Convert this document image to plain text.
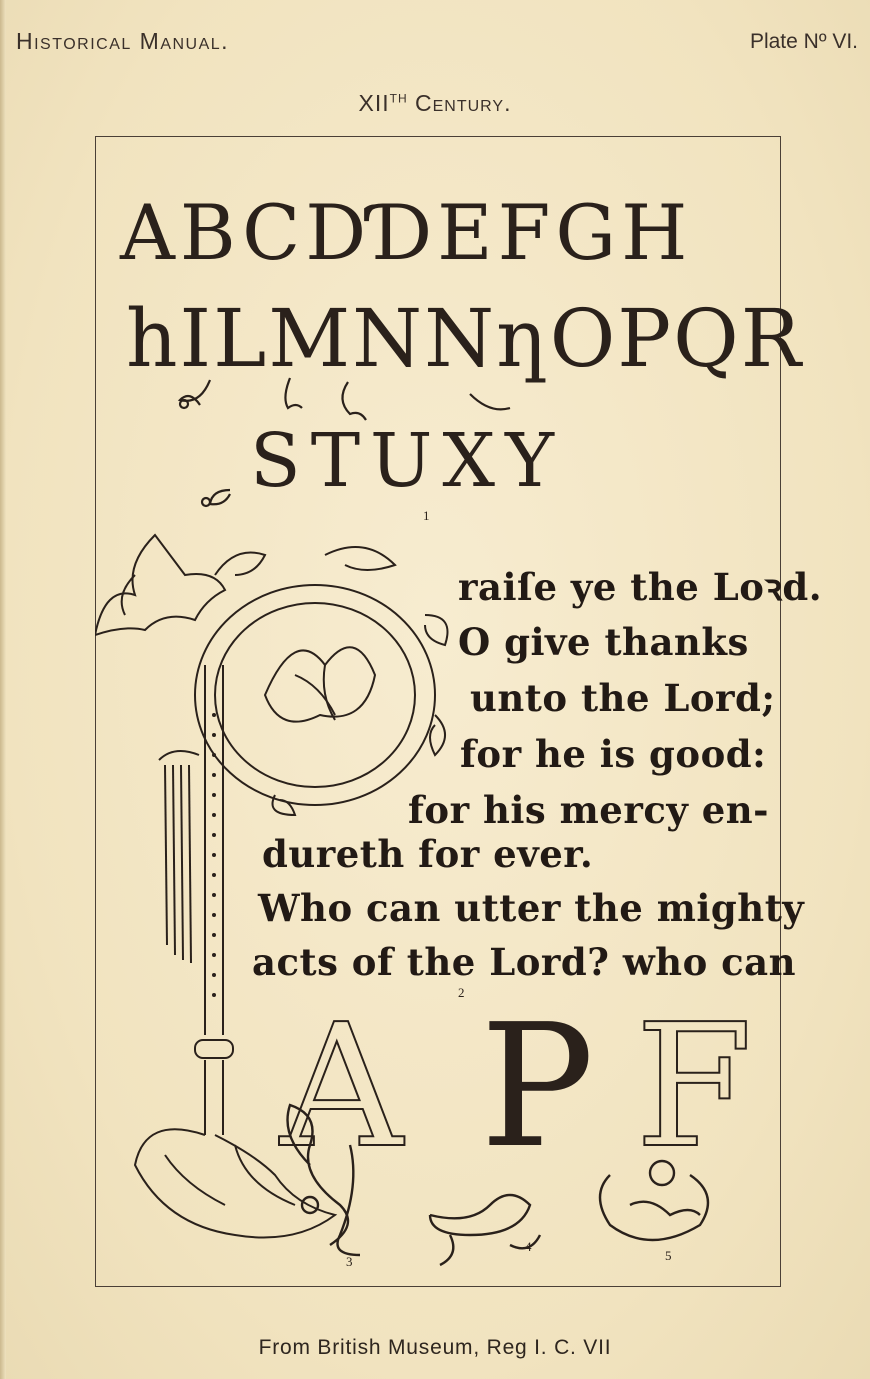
Historical Manual.	Plate Nº VI.
XIITH Century.
ABCDƊEFGH
hILMNNƞOPQR
STUXY
1
2
3
4
5
raiſe ye the Loꝛd.
O give thanks
unto the Lord;
for he is good:
for his mercy en-
dureth for ever.
Who can utter the mighty
acts of the Lord? who can
A P F
From British Museum, Reg I. C. VII
